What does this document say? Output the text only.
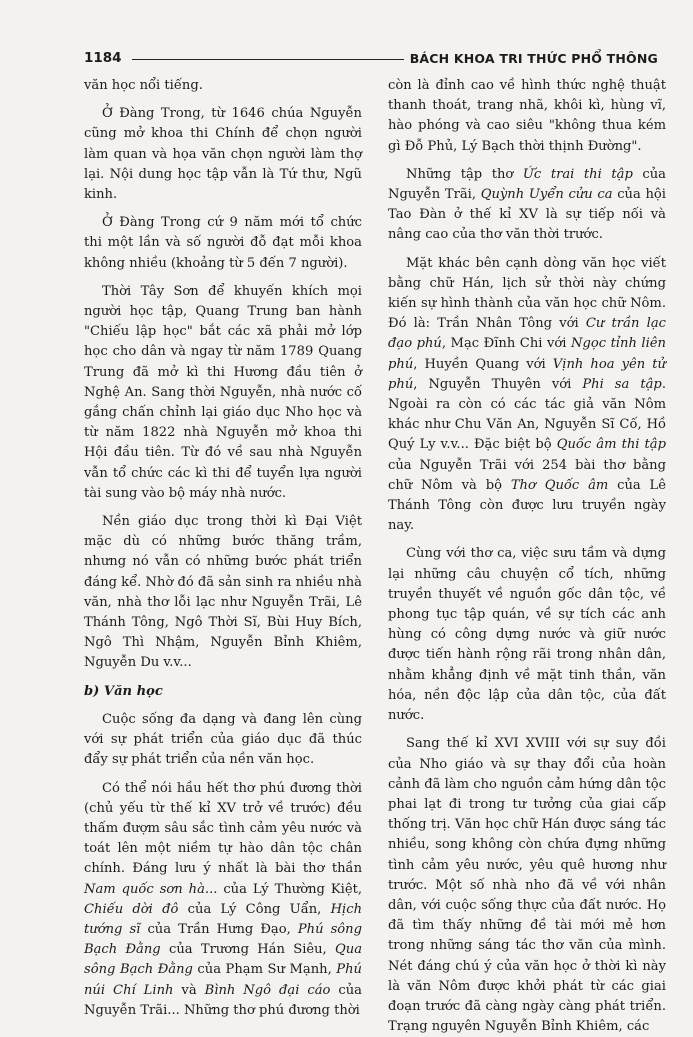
1184	BÁCH KHOA TRI THỨC PHỔ THÔNG

văn học nổi tiếng.

Ở Đàng Trong, từ 1646 chúa Nguyễn cũng mở khoa thi Chính để chọn người làm quan và họa văn chọn người làm thợ lại. Nội dung học tập vẫn là Tứ thư, Ngũ kinh.

Ở Đàng Trong cứ 9 năm mới tổ chức thi một lần và số người đỗ đạt mỗi khoa không nhiều (khoảng từ 5 đến 7 người).

Thời Tây Sơn để khuyến khích mọi người học tập, Quang Trung ban hành "Chiếu lập học" bắt các xã phải mở lớp học cho dân và ngay từ năm 1789 Quang Trung đã mở kì thi Hương đầu tiên ở Nghệ An. Sang thời Nguyễn, nhà nước cố gắng chấn chỉnh lại giáo dục Nho học và từ năm 1822 nhà Nguyễn mở khoa thi Hội đầu tiên. Từ đó về sau nhà Nguyễn vẫn tổ chức các kì thi để tuyển lựa người tài sung vào bộ máy nhà nước.

Nền giáo dục trong thời kì Đại Việt mặc dù có những bước thăng trầm, nhưng nó vẫn có những bước phát triển đáng kể. Nhờ đó đã sản sinh ra nhiều nhà văn, nhà thơ lỗi lạc như Nguyễn Trãi, Lê Thánh Tông, Ngô Thời Sĩ, Bùi Huy Bích, Ngô Thì Nhậm, Nguyễn Bỉnh Khiêm, Nguyễn Du v.v...

b) Văn học

Cuộc sống đa dạng và đang lên cùng với sự phát triển của giáo dục đã thúc đẩy sự phát triển của nền văn học.

Có thể nói hầu hết thơ phú đương thời (chủ yếu từ thế kỉ XV trở về trước) đều thấm đượm sâu sắc tình cảm yêu nước và toát lên một niềm tự hào dân tộc chân chính. Đáng lưu ý nhất là bài thơ thần Nam quốc sơn hà... của Lý Thường Kiệt, Chiếu dời đô của Lý Công Uẩn, Hịch tướng sĩ của Trần Hưng Đạo, Phú sông Bạch Đằng của Trương Hán Siêu, Qua sông Bạch Đằng của Phạm Sư Mạnh, Phú núi Chí Linh và Bình Ngô đại cáo của Nguyễn Trãi... Những thơ phú đương thời

còn là đỉnh cao về hình thức nghệ thuật thanh thoát, trang nhã, khôi kì, hùng vĩ, hào phóng và cao siêu "không thua kém gì Đỗ Phủ, Lý Bạch thời thịnh Đường".

Những tập thơ Ức trai thi tập của Nguyễn Trãi, Quỳnh Uyển cửu ca của hội Tao Đàn ở thế kỉ XV là sự tiếp nối và nâng cao của thơ văn thời trước.

Mặt khác bên cạnh dòng văn học viết bằng chữ Hán, lịch sử thời này chứng kiến sự hình thành của văn học chữ Nôm. Đó là: Trần Nhân Tông với Cư trần lạc đạo phú, Mạc Đĩnh Chi với Ngọc tỉnh liên phú, Huyền Quang với Vịnh hoa yên tử phú, Nguyễn Thuyên với Phi sa tập. Ngoài ra còn có các tác giả văn Nôm khác như Chu Văn An, Nguyễn Sĩ Cố, Hồ Quý Ly v.v... Đặc biệt bộ Quốc âm thi tập của Nguyễn Trãi với 254 bài thơ bằng chữ Nôm và bộ Thơ Quốc âm của Lê Thánh Tông còn được lưu truyền ngày nay.

Cùng với thơ ca, việc sưu tầm và dựng lại những câu chuyện cổ tích, những truyền thuyết về nguồn gốc dân tộc, về phong tục tập quán, về sự tích các anh hùng có công dựng nước và giữ nước được tiến hành rộng rãi trong nhân dân, nhằm khẳng định về mặt tinh thần, văn hóa, nền độc lập của dân tộc, của đất nước.

Sang thế kỉ XVI XVIII với sự suy đồi của Nho giáo và sự thay đổi của hoàn cảnh đã làm cho nguồn cảm hứng dân tộc phai lạt đi trong tư tưởng của giai cấp thống trị. Văn học chữ Hán được sáng tác nhiều, song không còn chứa đựng những tình cảm yêu nước, yêu quê hương như trước. Một số nhà nho đã về với nhân dân, với cuộc sống thực của đất nước. Họ đã tìm thấy những đề tài mới mẻ hơn trong những sáng tác thơ văn của mình. Nét đáng chú ý của văn học ở thời kì này là văn Nôm được khởi phát từ các giai đoạn trước đã càng ngày càng phát triển. Trạng nguyên Nguyễn Bỉnh Khiêm, các
